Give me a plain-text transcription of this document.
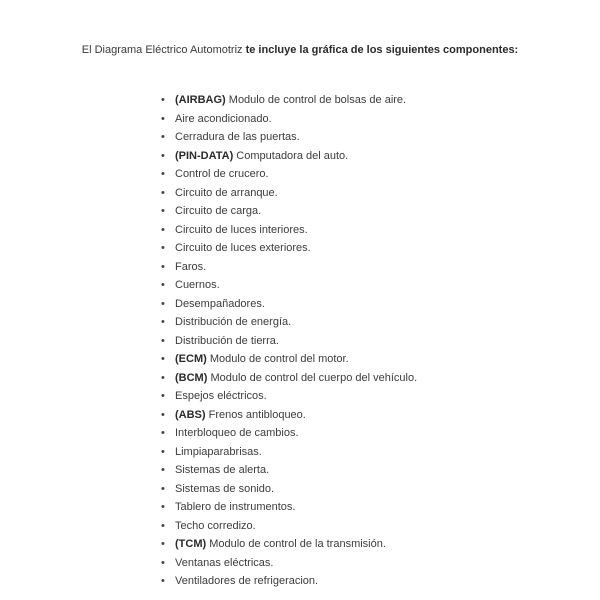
El Diagrama Eléctrico Automotriz te incluye la gráfica de los siguientes componentes:
• (AIRBAG) Modulo de control de bolsas de aire.
• Aire acondicionado.
• Cerradura de las puertas.
• (PIN-DATA) Computadora del auto.
• Control de crucero.
• Circuito de arranque.
• Circuito de carga.
• Circuito de luces interiores.
• Circuito de luces exteriores.
• Faros.
• Cuernos.
• Desempañadores.
• Distribución de energía.
• Distribución de tierra.
• (ECM) Modulo de control del motor.
• (BCM) Modulo de control del cuerpo del vehículo.
• Espejos eléctricos.
• (ABS) Frenos antibloqueo.
• Interbloqueo de cambios.
• Limpiaparabrisas.
• Sistemas de alerta.
• Sistemas de sonido.
• Tablero de instrumentos.
• Techo corredizo.
• (TCM) Modulo de control de la transmisión.
• Ventanas eléctricas.
• Ventiladores de refrigeracion.
